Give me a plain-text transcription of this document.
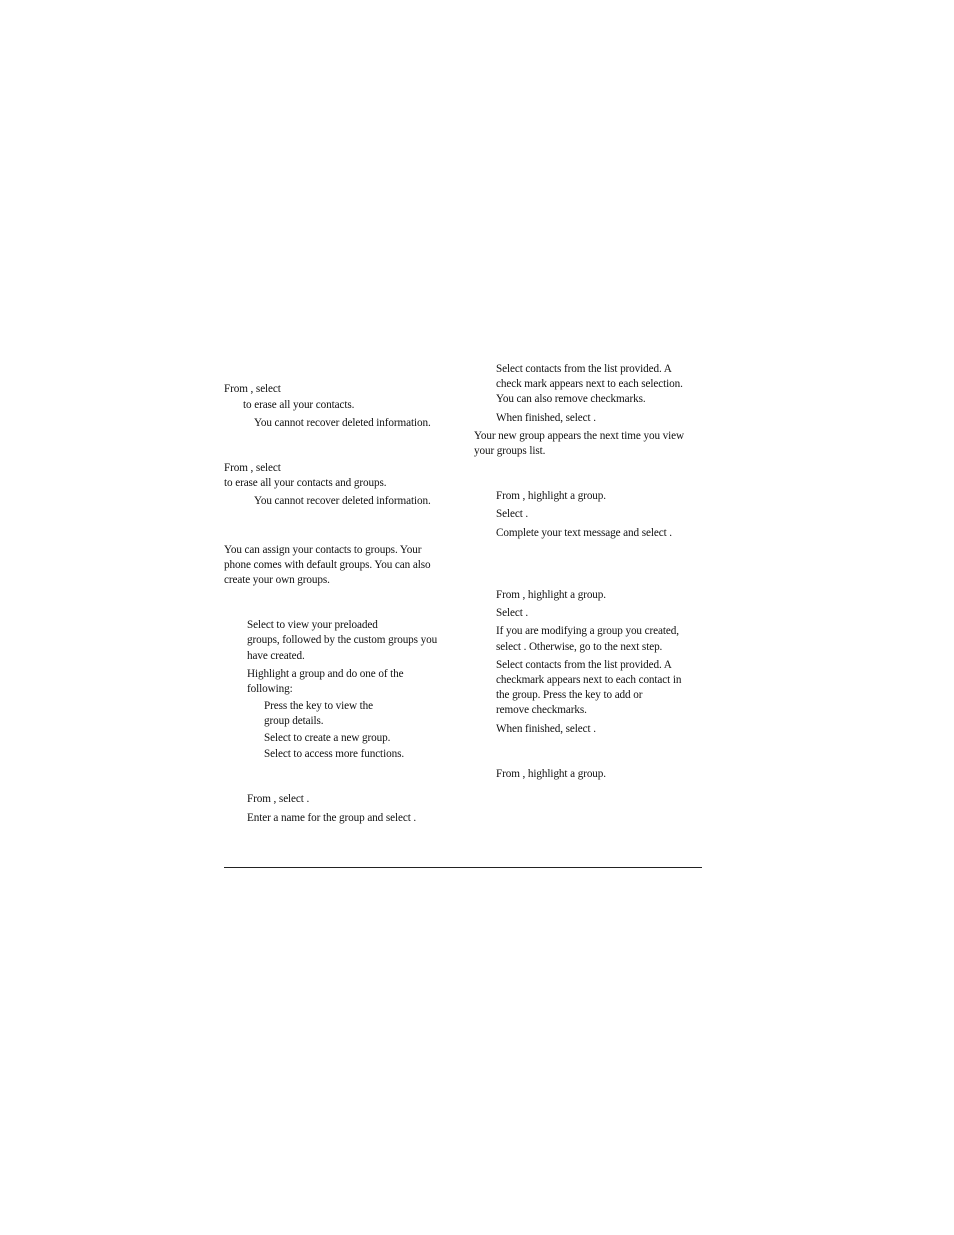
From , select
to erase all your contacts.
You cannot recover deleted information.
From , select
to erase all your contacts and groups.
You cannot recover deleted information.
You can assign your contacts to groups. Your
phone comes with default groups. You can also
create your own groups.
Select to view your preloaded
groups, followed by the custom groups you
have created.
Highlight a group and do one of the
following:
Press the key to view the
group details.
Select to create a new group.
Select to access more functions.
From , select .
Enter a name for the group and select .
Select contacts from the list provided. A
check mark appears next to each selection.
You can also remove checkmarks.
When finished, select .
Your new group appears the next time you view
your groups list.
From , highlight a group.
Select .
Complete your text message and select .
From , highlight a group.
Select .
If you are modifying a group you created,
select . Otherwise, go to the next step.
Select contacts from the list provided. A
checkmark appears next to each contact in
the group. Press the key to add or
remove checkmarks.
When finished, select .
From , highlight a group.
